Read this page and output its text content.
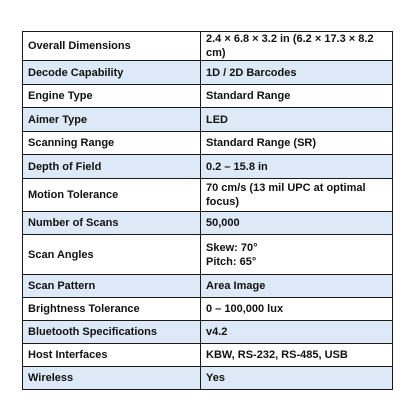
Overall Dimensions	2.4 × 6.8 × 3.2 in (6.2 × 17.3 × 8.2 cm)
Decode Capability	1D / 2D Barcodes
Engine Type	Standard Range
Aimer Type	LED
Scanning Range	Standard Range (SR)
Depth of Field	0.2 – 15.8 in
Motion Tolerance	70 cm/s (13 mil UPC at optimal focus)
Number of Scans	50,000
Scan Angles	Skew: 70°
Pitch: 65°

Scan Pattern	Area Image
Brightness Tolerance	0 – 100,000 lux
Bluetooth Specifications	v4.2
Host Interfaces	KBW, RS-232, RS-485, USB
Wireless	Yes
